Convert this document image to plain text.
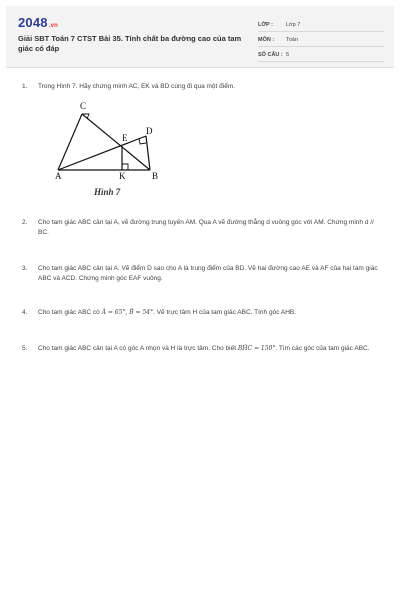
2048.vn
Giải SBT Toán 7 CTST Bài 35. Tính chất ba đường cao của tam giác có đáp
LỚP : Lớp 7
MÔN : Toán
SỐ CÂU : 5
1. Trong Hình 7. Hãy chứng minh AC, EK và BD cùng đi qua một điểm.
C
D
E
A	K	B
Hình 7
2. Cho tam giác ABC cân tại A, vẽ đường trung tuyến AM. Qua A vẽ đường thẳng d vuông góc với AM. Chứng minh d // BC.
3. Cho tam giác ABC cân tại A. Vẽ điểm D sao cho A là trung điểm của BD. Vẽ hai đường cao AE và AF của hai tam giác ABC và ACD. Chứng minh góc EAF vuông.
4. Cho tam giác ABC có Â = 65°, B̂ = 54°. Vẽ trực tâm H của tam giác ABC. Tính góc AHB.
5. Cho tam giác ABC cân tại A có góc A nhọn và H là trực tâm. Cho biết BĤC = 150°. Tìm các góc của tam giác ABC.
